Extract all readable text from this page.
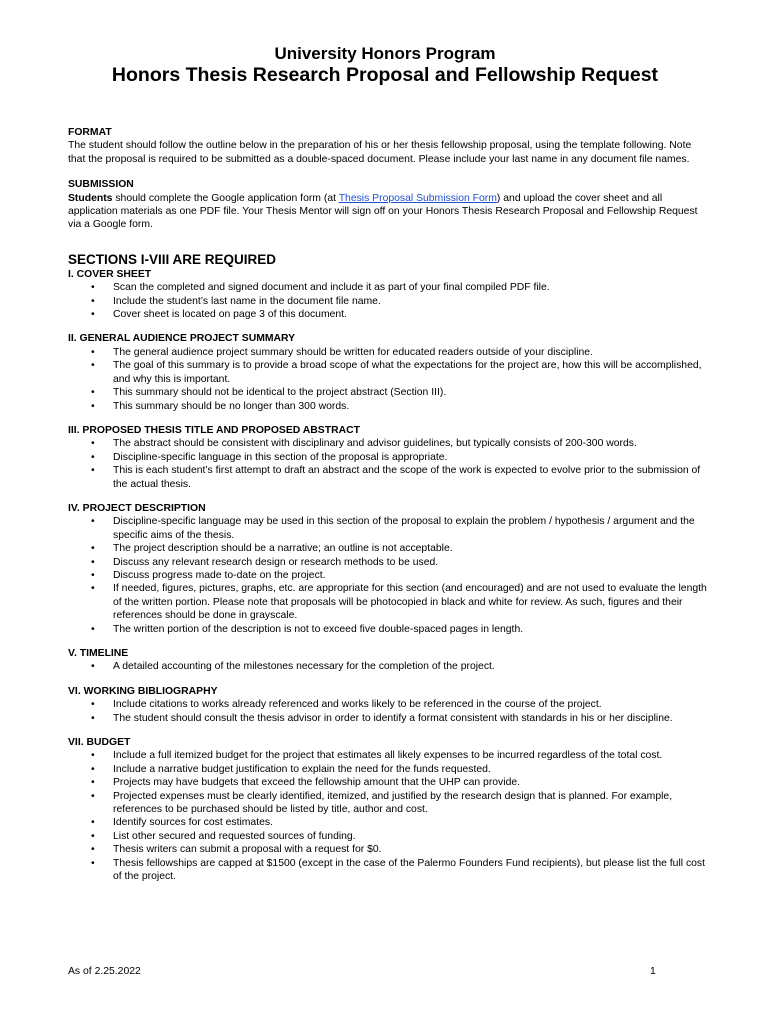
University Honors Program
Honors Thesis Research Proposal and Fellowship Request
FORMAT

The student should follow the outline below in the preparation of his or her thesis fellowship proposal, using the template following. Note that the proposal is required to be submitted as a double-spaced document. Please include your last name in any document file names.

SUBMISSION

Students should complete the Google application form (at Thesis Proposal Submission Form) and upload the cover sheet and all application materials as one PDF file. Your Thesis Mentor will sign off on your Honors Thesis Research Proposal and Fellowship Request via a Google form.

SECTIONS I-VIII ARE REQUIRED
I. COVER SHEET
• Scan the completed and signed document and include it as part of your final compiled PDF file.
• Include the student’s last name in the document file name.
• Cover sheet is located on page 3 of this document.
II. GENERAL AUDIENCE PROJECT SUMMARY
• The general audience project summary should be written for educated readers outside of your discipline.
• The goal of this summary is to provide a broad scope of what the expectations for the project are, how this will be accomplished, and why this is important.
• This summary should not be identical to the project abstract (Section III).
• This summary should be no longer than 300 words.
III. PROPOSED THESIS TITLE AND PROPOSED ABSTRACT
• The abstract should be consistent with disciplinary and advisor guidelines, but typically consists of 200-300 words.
• Discipline-specific language in this section of the proposal is appropriate.
• This is each student’s first attempt to draft an abstract and the scope of the work is expected to evolve prior to the submission of the actual thesis.
IV. PROJECT DESCRIPTION
• Discipline-specific language may be used in this section of the proposal to explain the problem / hypothesis / argument and the specific aims of the thesis.
• The project description should be a narrative; an outline is not acceptable.
• Discuss any relevant research design or research methods to be used.
• Discuss progress made to-date on the project.
• If needed, figures, pictures, graphs, etc. are appropriate for this section (and encouraged) and are not used to evaluate the length of the written portion. Please note that proposals will be photocopied in black and white for review. As such, figures and their references should be done in grayscale.
• The written portion of the description is not to exceed five double-spaced pages in length.
V. TIMELINE
• A detailed accounting of the milestones necessary for the completion of the project.
VI. WORKING BIBLIOGRAPHY
• Include citations to works already referenced and works likely to be referenced in the course of the project.
• The student should consult the thesis advisor in order to identify a format consistent with standards in his or her discipline.
VII. BUDGET
• Include a full itemized budget for the project that estimates all likely expenses to be incurred regardless of the total cost.
• Include a narrative budget justification to explain the need for the funds requested.
• Projects may have budgets that exceed the fellowship amount that the UHP can provide.
• Projected expenses must be clearly identified, itemized, and justified by the research design that is planned. For example, references to be purchased should be listed by title, author and cost.
• Identify sources for cost estimates.
• List other secured and requested sources of funding.
• Thesis writers can submit a proposal with a request for $0.
• Thesis fellowships are capped at $1500 (except in the case of the Palermo Founders Fund recipients), but please list the full cost of the project.
As of 2.25.2022	1
